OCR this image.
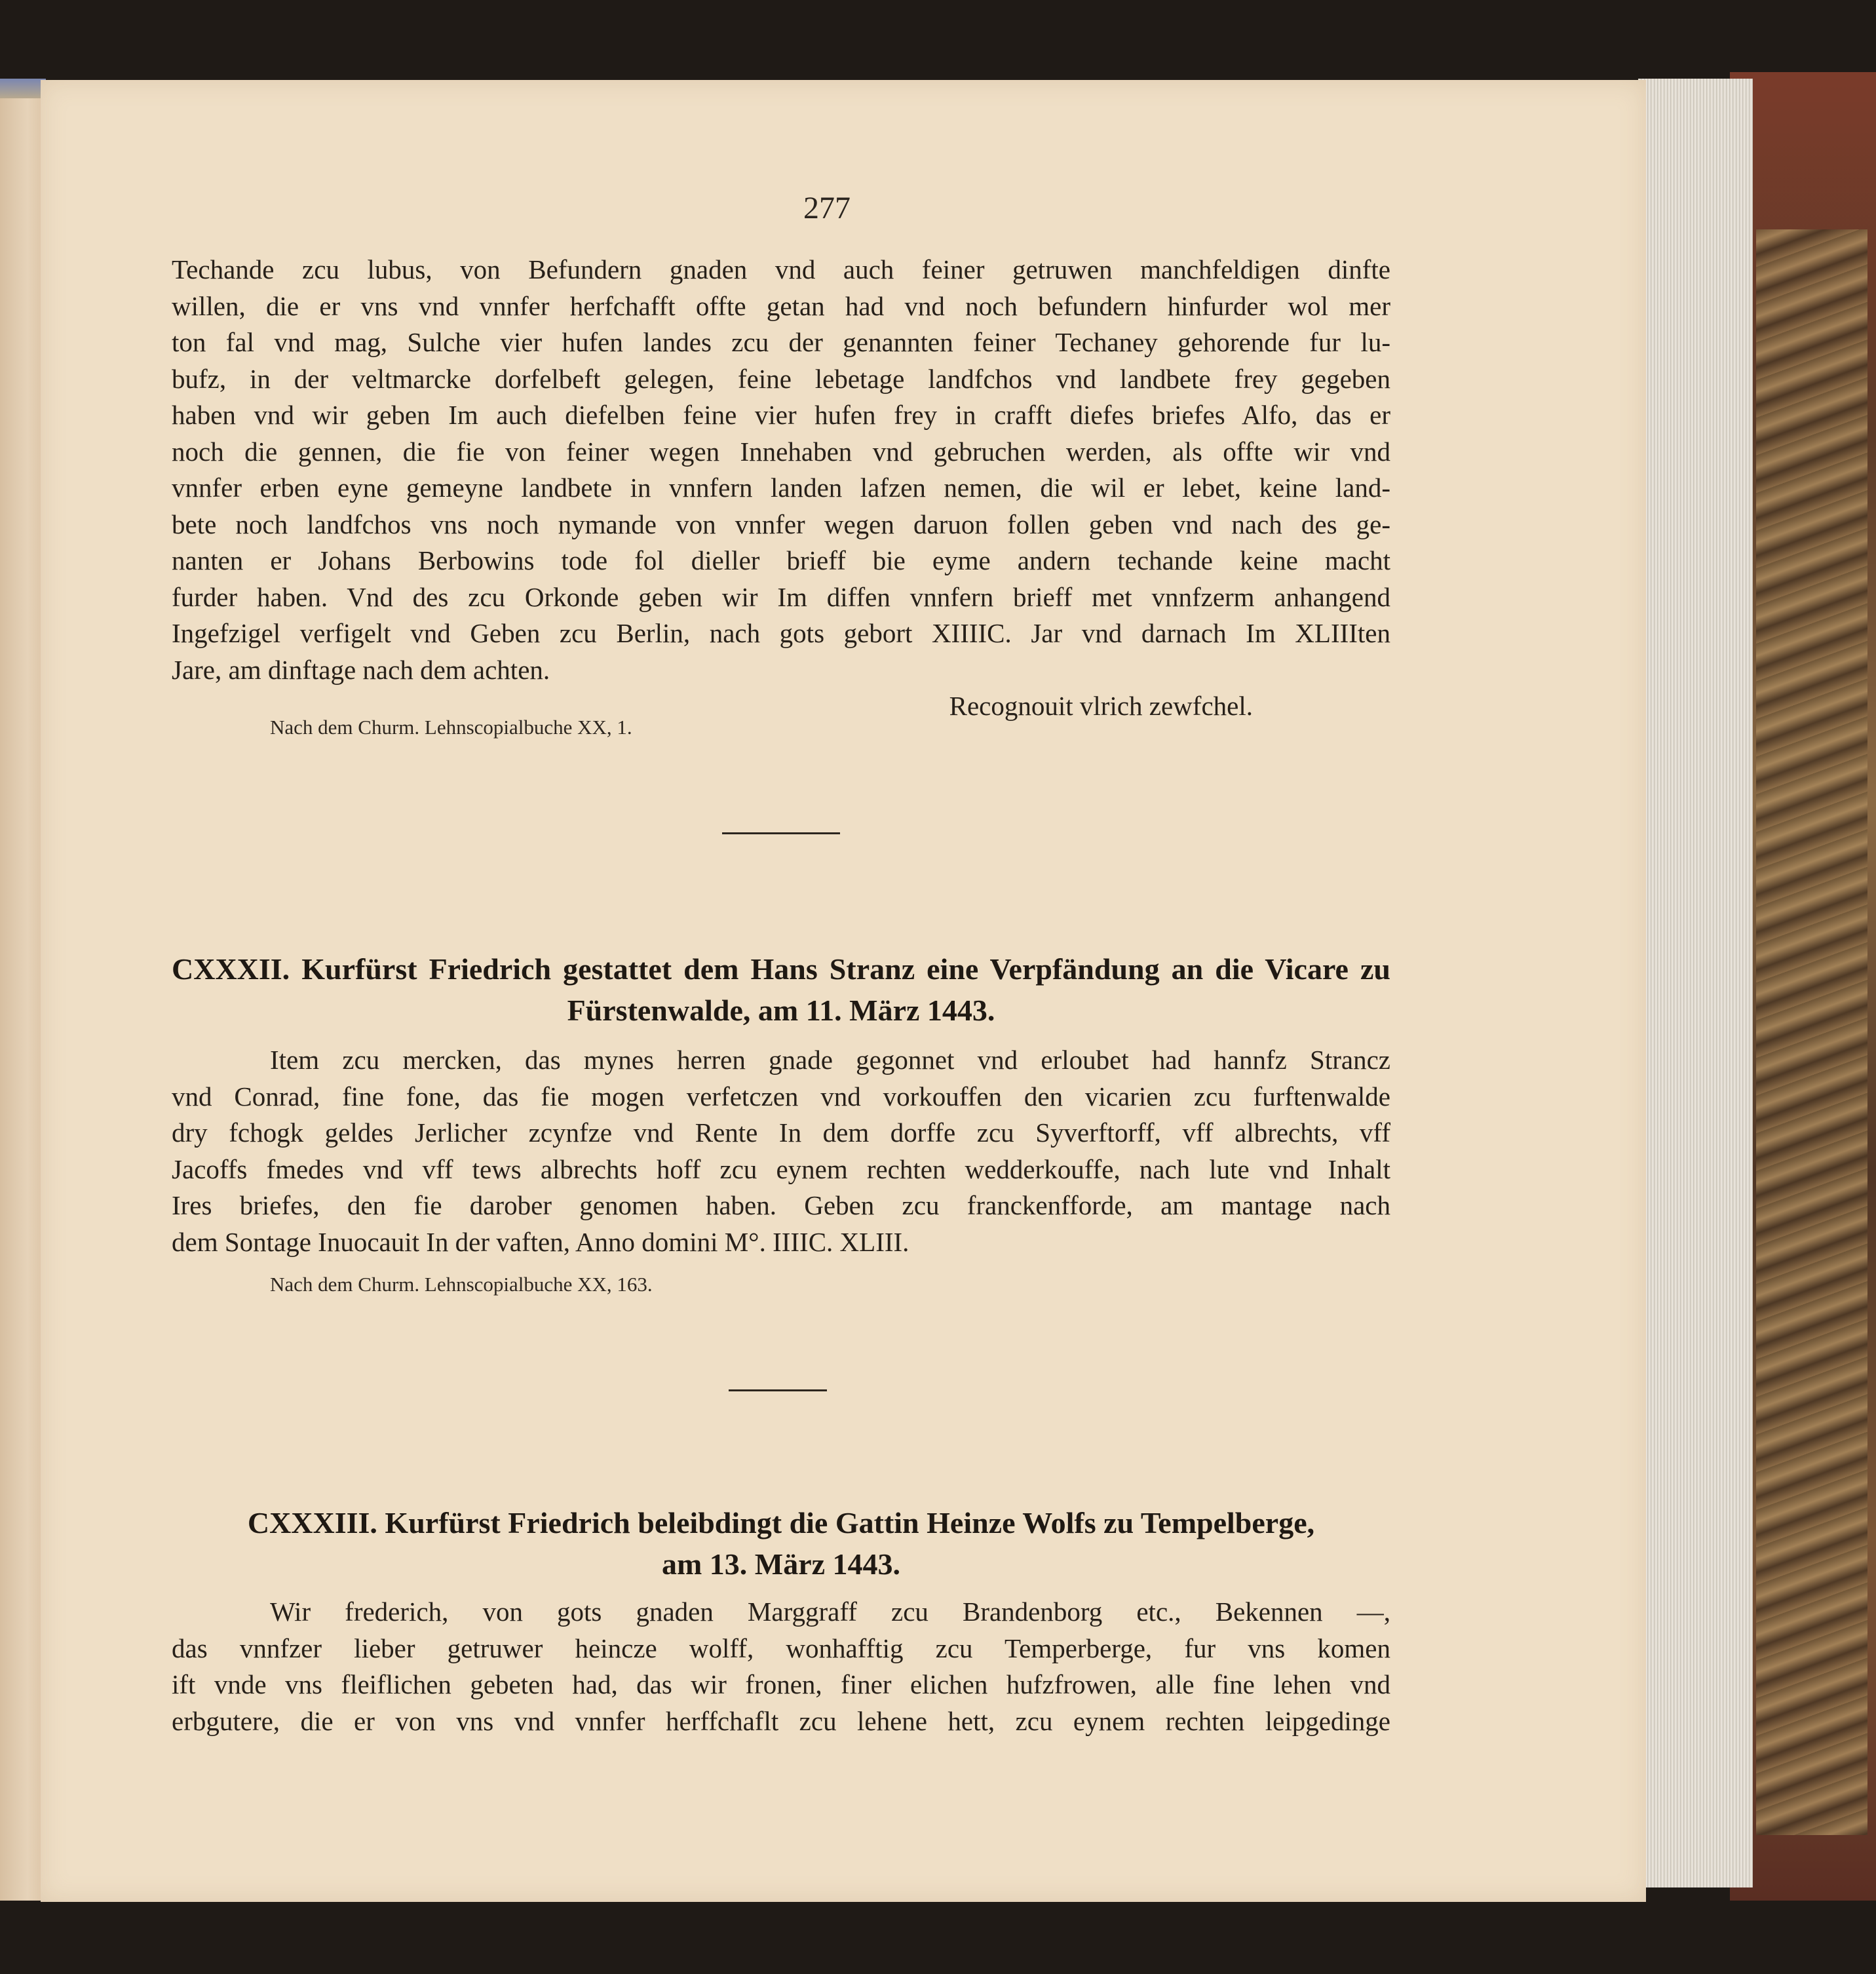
277
Techande zcu lubus, von Befundern gnaden vnd auch feiner getruwen manchfeldigen dinfte
willen, die er vns vnd vnnfer herfchafft offte getan had vnd noch befundern hinfurder wol mer
ton fal vnd mag, Sulche vier hufen landes zcu der genannten feiner Techaney gehorende fur lu-
bufz, in der veltmarcke dorfelbeft gelegen, feine lebetage landfchos vnd landbete frey gegeben
haben vnd wir geben Im auch diefelben feine vier hufen frey in crafft diefes briefes Alfo, das er
noch die gennen, die fie von feiner wegen Innehaben vnd gebruchen werden, als offte wir vnd
vnnfer erben eyne gemeyne landbete in vnnfern landen lafzen nemen, die wil er lebet, keine land-
bete noch landfchos vns noch nymande von vnnfer wegen daruon follen geben vnd nach des ge-
nanten er Johans Berbowins tode fol dieller brieff bie eyme andern techande keine macht
furder haben. Vnd des zcu Orkonde geben wir Im diffen vnnfern brieff met vnnfzerm anhangend
Ingefzigel verfigelt vnd Geben zcu Berlin, nach gots gebort XIIIIC. Jar vnd darnach Im XLIIIten
Jare, am dinftage nach dem achten.
Recognouit vlrich zewfchel.
Nach dem Churm. Lehnscopialbuche XX, 1.
CXXXII. Kurfürst Friedrich gestattet dem Hans Stranz eine Verpfändung an die Vicare zu
Fürstenwalde, am 11. März 1443.
Item zcu mercken, das mynes herren gnade gegonnet vnd erloubet had hannfz Strancz
vnd Conrad, fine fone, das fie mogen verfetczen vnd vorkouffen den vicarien zcu furftenwalde
dry fchogk geldes Jerlicher zcynfze vnd Rente In dem dorffe zcu Syverftorff, vff albrechts, vff
Jacoffs fmedes vnd vff tews albrechts hoff zcu eynem rechten wedderkouffe, nach lute vnd Inhalt
Ires briefes, den fie darober genomen haben. Geben zcu franckenfforde, am mantage nach
dem Sontage Inuocauit In der vaften, Anno domini M°. IIIIC. XLIII.
Nach dem Churm. Lehnscopialbuche XX, 163.
CXXXIII. Kurfürst Friedrich beleibdingt die Gattin Heinze Wolfs zu Tempelberge,
am 13. März 1443.
Wir frederich, von gots gnaden Marggraff zcu Brandenborg etc., Bekennen —,
das vnnfzer lieber getruwer heincze wolff, wonhafftig zcu Temperberge, fur vns komen
ift vnde vns fleiflichen gebeten had, das wir fronen, finer elichen hufzfrowen, alle fine lehen vnd
erbgutere, die er von vns vnd vnnfer herffchaflt zcu lehene hett, zcu eynem rechten leipgedinge
